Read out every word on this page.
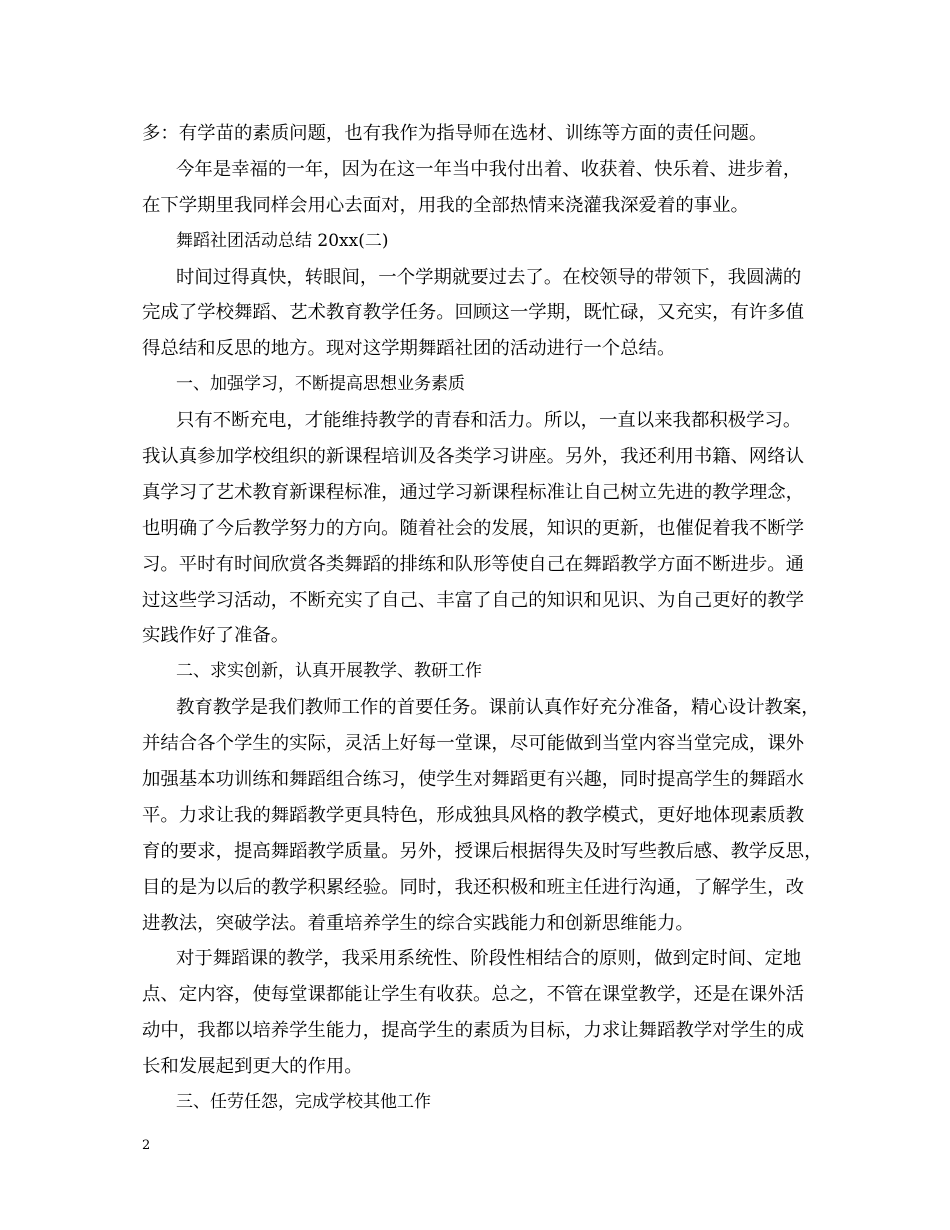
多：有学苗的素质问题，也有我作为指导师在选材、训练等方面的责任问题。
今年是幸福的一年，因为在这一年当中我付出着、收获着、快乐着、进步着，
在下学期里我同样会用心去面对，用我的全部热情来浇灌我深爱着的事业。
舞蹈社团活动总结 20xx(二)
时间过得真快，转眼间，一个学期就要过去了。在校领导的带领下，我圆满的
完成了学校舞蹈、艺术教育教学任务。回顾这一学期，既忙碌，又充实，有许多值
得总结和反思的地方。现对这学期舞蹈社团的活动进行一个总结。
一、加强学习，不断提高思想业务素质
只有不断充电，才能维持教学的青春和活力。所以，一直以来我都积极学习。
我认真参加学校组织的新课程培训及各类学习讲座。另外，我还利用书籍、网络认
真学习了艺术教育新课程标准，通过学习新课程标准让自己树立先进的教学理念，
也明确了今后教学努力的方向。随着社会的发展，知识的更新，也催促着我不断学
习。平时有时间欣赏各类舞蹈的排练和队形等使自己在舞蹈教学方面不断进步。通
过这些学习活动，不断充实了自己、丰富了自己的知识和见识、为自己更好的教学
实践作好了准备。
二、求实创新，认真开展教学、教研工作
教育教学是我们教师工作的首要任务。课前认真作好充分准备，精心设计教案，
并结合各个学生的实际，灵活上好每一堂课，尽可能做到当堂内容当堂完成，课外
加强基本功训练和舞蹈组合练习，使学生对舞蹈更有兴趣，同时提高学生的舞蹈水
平。力求让我的舞蹈教学更具特色，形成独具风格的教学模式，更好地体现素质教
育的要求，提高舞蹈教学质量。另外，授课后根据得失及时写些教后感、教学反思，
目的是为以后的教学积累经验。同时，我还积极和班主任进行沟通，了解学生，改
进教法，突破学法。着重培养学生的综合实践能力和创新思维能力。
对于舞蹈课的教学，我采用系统性、阶段性相结合的原则，做到定时间、定地
点、定内容，使每堂课都能让学生有收获。总之，不管在课堂教学，还是在课外活
动中，我都以培养学生能力，提高学生的素质为目标，力求让舞蹈教学对学生的成
长和发展起到更大的作用。
三、任劳任怨，完成学校其他工作
2
